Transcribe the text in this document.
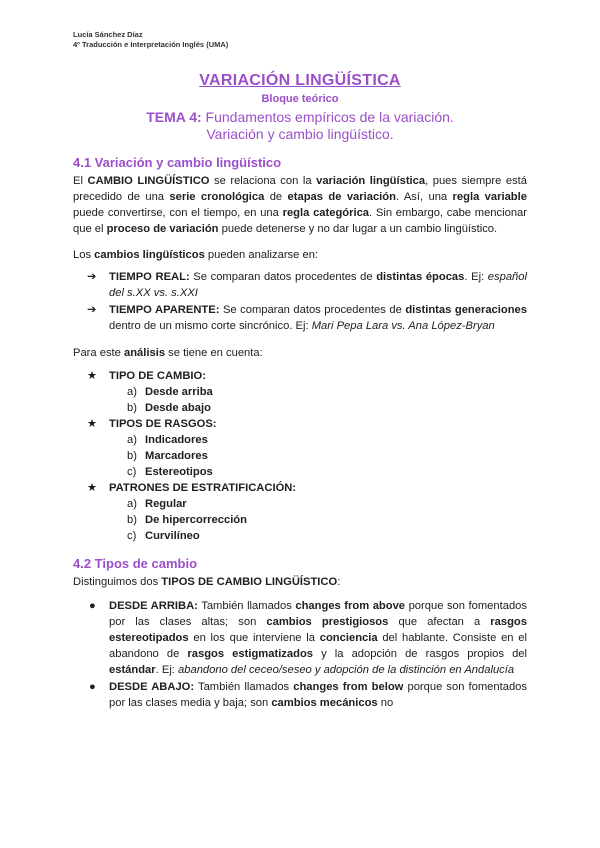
Lucía Sánchez Díaz
4º Traducción e Interpretación Inglés (UMA)
VARIACIÓN LINGÜÍSTICA
Bloque teórico
TEMA 4: Fundamentos empíricos de la variación.
Variación y cambio lingüístico.
4.1 Variación y cambio lingüístico

El CAMBIO LINGÜÍSTICO se relaciona con la variación lingüística, pues siempre está precedido de una serie cronológica de etapas de variación. Así, una regla variable puede convertirse, con el tiempo, en una regla categórica. Sin embargo, cabe mencionar que el proceso de variación puede detenerse y no dar lugar a un cambio lingüístico.

Los cambios lingüísticos pueden analizarse en:

➔ TIEMPO REAL: Se comparan datos procedentes de distintas épocas. Ej: español del s.XX vs. s.XXI
➔ TIEMPO APARENTE: Se comparan datos procedentes de distintas generaciones dentro de un mismo corte sincrónico. Ej: Mari Pepa Lara vs. Ana López-Bryan

Para este análisis se tiene en cuenta:

★ TIPO DE CAMBIO:
a) Desde arriba
b) Desde abajo
★ TIPOS DE RASGOS:
a) Indicadores
b) Marcadores
c) Estereotipos
★ PATRONES DE ESTRATIFICACIÓN:
a) Regular
b) De hipercorrección
c) Curvilíneo
4.2 Tipos de cambio

Distinguimos dos TIPOS DE CAMBIO LINGÜÍSTICO:

● DESDE ARRIBA: También llamados changes from above porque son fomentados por las clases altas; son cambios prestigiosos que afectan a rasgos estereotipados en los que interviene la conciencia del hablante. Consiste en el abandono de rasgos estigmatizados y la adopción de rasgos propios del estándar. Ej: abandono del ceceo/seseo y adopción de la distinción en Andalucía
● DESDE ABAJO: También llamados changes from below porque son fomentados por las clases media y baja; son cambios mecánicos no
